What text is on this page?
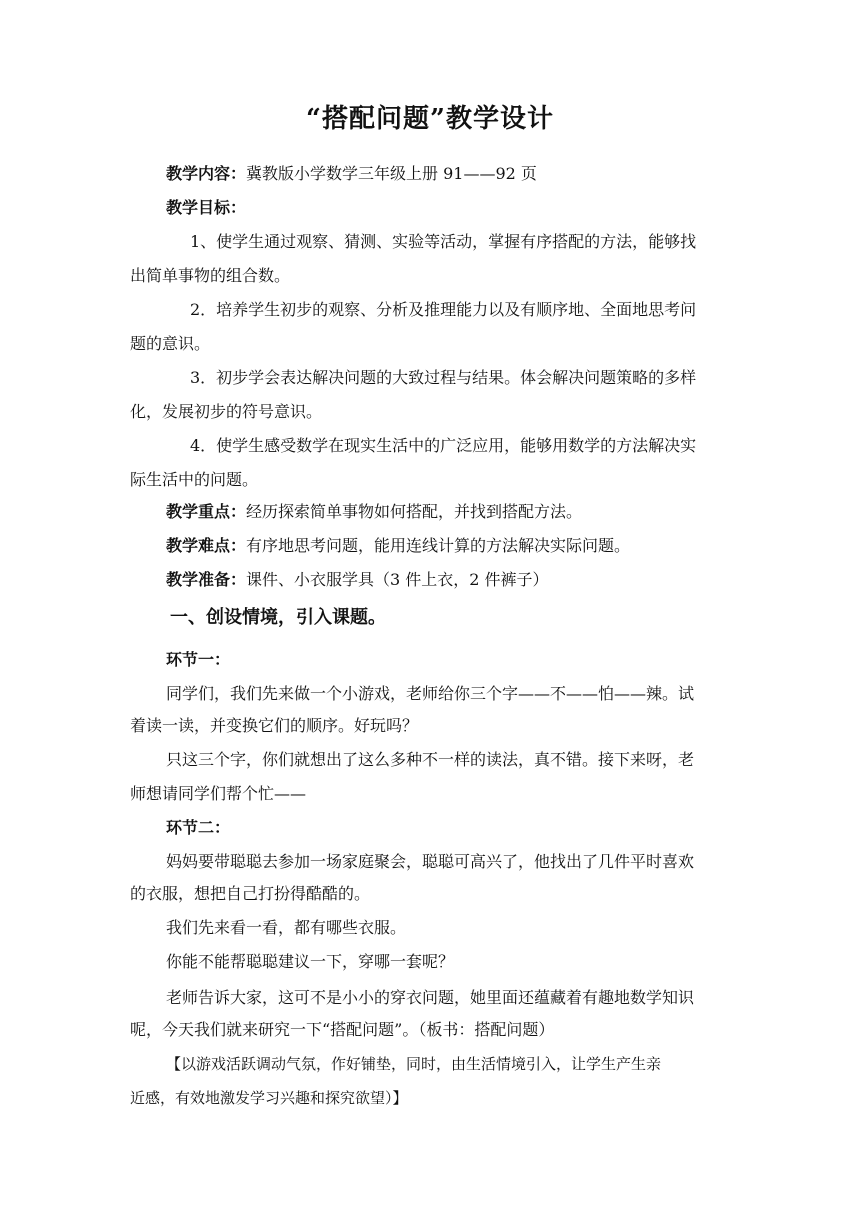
“搭配问题”教学设计
教学内容：冀教版小学数学三年级上册 91——92 页
教学目标：
1、使学生通过观察、猜测、实验等活动，掌握有序搭配的方法，能够找
出简单事物的组合数。
2．培养学生初步的观察、分析及推理能力以及有顺序地、全面地思考问
题的意识。
3．初步学会表达解决问题的大致过程与结果。体会解决问题策略的多样
化，发展初步的符号意识。
4．使学生感受数学在现实生活中的广泛应用，能够用数学的方法解决实
际生活中的问题。
教学重点：经历探索简单事物如何搭配，并找到搭配方法。
教学难点：有序地思考问题，能用连线计算的方法解决实际问题。
教学准备：课件、小衣服学具（3 件上衣，2 件裤子）
一、创设情境，引入课题。
环节一：
同学们，我们先来做一个小游戏，老师给你三个字——不——怕——辣。试
着读一读，并变换它们的顺序。好玩吗？
只这三个字，你们就想出了这么多种不一样的读法，真不错。接下来呀，老
师想请同学们帮个忙——
环节二：
妈妈要带聪聪去参加一场家庭聚会，聪聪可高兴了，他找出了几件平时喜欢
的衣服，想把自己打扮得酷酷的。
我们先来看一看，都有哪些衣服。
你能不能帮聪聪建议一下，穿哪一套呢？
老师告诉大家，这可不是小小的穿衣问题，她里面还蕴藏着有趣地数学知识
呢，今天我们就来研究一下“搭配问题”。（板书：搭配问题）
【以游戏活跃调动气氛，作好铺垫，同时，由生活情境引入，让学生产生亲
近感，有效地激发学习兴趣和探究欲望）】
